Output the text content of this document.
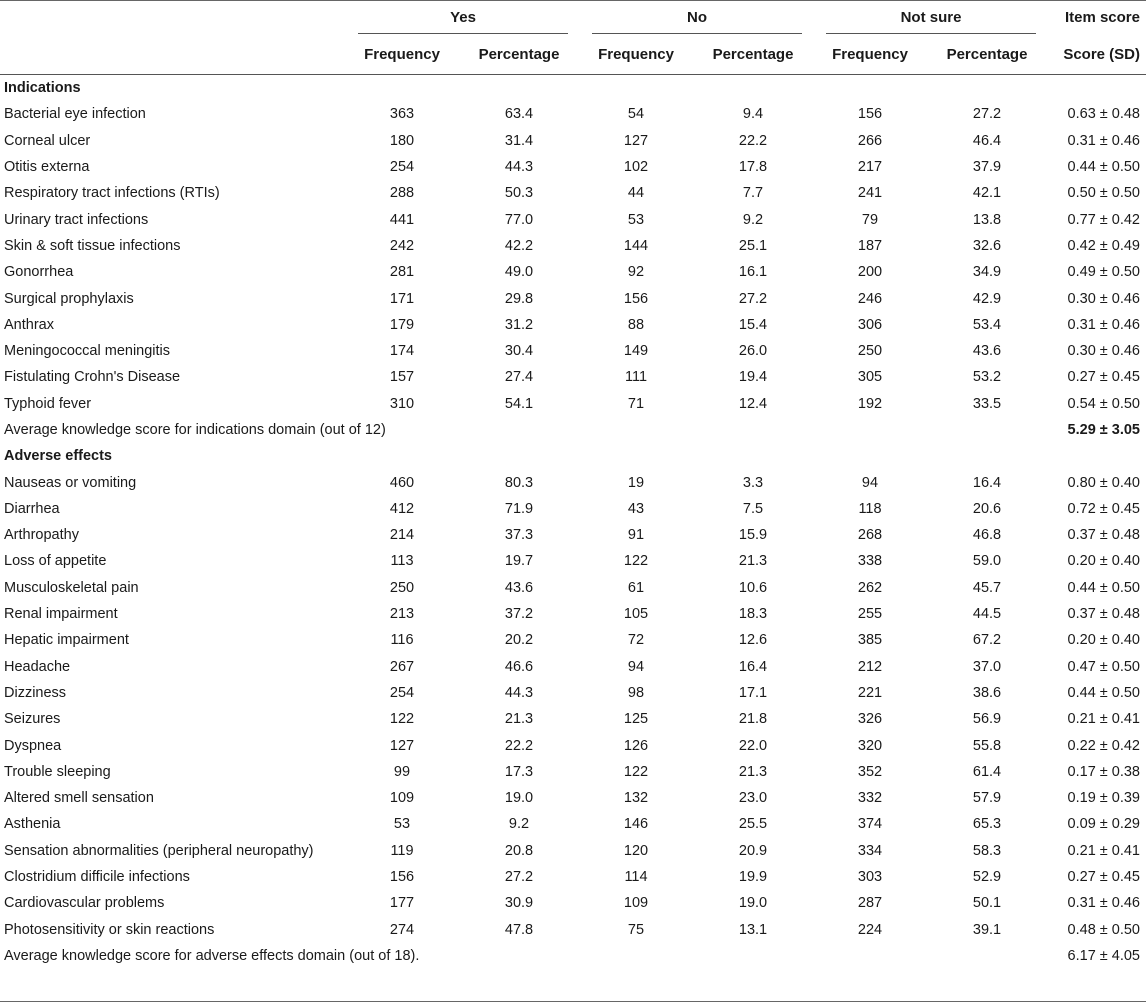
	Yes		No		Not sure		Item score
	Frequency	Percentage	Frequency	Percentage	Frequency	Percentage	Score (SD)
Indications							
Bacterial eye infection	363	63.4	54	9.4	156	27.2	0.63 ± 0.48
Corneal ulcer	180	31.4	127	22.2	266	46.4	0.31 ± 0.46
Otitis externa	254	44.3	102	17.8	217	37.9	0.44 ± 0.50
Respiratory tract infections (RTIs)	288	50.3	44	7.7	241	42.1	0.50 ± 0.50
Urinary tract infections	441	77.0	53	9.2	79	13.8	0.77 ± 0.42
Skin & soft tissue infections	242	42.2	144	25.1	187	32.6	0.42 ± 0.49
Gonorrhea	281	49.0	92	16.1	200	34.9	0.49 ± 0.50
Surgical prophylaxis	171	29.8	156	27.2	246	42.9	0.30 ± 0.46
Anthrax	179	31.2	88	15.4	306	53.4	0.31 ± 0.46
Meningococcal meningitis	174	30.4	149	26.0	250	43.6	0.30 ± 0.46
Fistulating Crohn's Disease	157	27.4	111	19.4	305	53.2	0.27 ± 0.45
Typhoid fever	310	54.1	71	12.4	192	33.5	0.54 ± 0.50
Average knowledge score for indications domain (out of 12)							5.29 ± 3.05
Adverse effects							
Nauseas or vomiting	460	80.3	19	3.3	94	16.4	0.80 ± 0.40
Diarrhea	412	71.9	43	7.5	118	20.6	0.72 ± 0.45
Arthropathy	214	37.3	91	15.9	268	46.8	0.37 ± 0.48
Loss of appetite	113	19.7	122	21.3	338	59.0	0.20 ± 0.40
Musculoskeletal pain	250	43.6	61	10.6	262	45.7	0.44 ± 0.50
Renal impairment	213	37.2	105	18.3	255	44.5	0.37 ± 0.48
Hepatic impairment	116	20.2	72	12.6	385	67.2	0.20 ± 0.40
Headache	267	46.6	94	16.4	212	37.0	0.47 ± 0.50
Dizziness	254	44.3	98	17.1	221	38.6	0.44 ± 0.50
Seizures	122	21.3	125	21.8	326	56.9	0.21 ± 0.41
Dyspnea	127	22.2	126	22.0	320	55.8	0.22 ± 0.42
Trouble sleeping	99	17.3	122	21.3	352	61.4	0.17 ± 0.38
Altered smell sensation	109	19.0	132	23.0	332	57.9	0.19 ± 0.39
Asthenia	53	9.2	146	25.5	374	65.3	0.09 ± 0.29
Sensation abnormalities (peripheral neuropathy)	119	20.8	120	20.9	334	58.3	0.21 ± 0.41
Clostridium difficile infections	156	27.2	114	19.9	303	52.9	0.27 ± 0.45
Cardiovascular problems	177	30.9	109	19.0	287	50.1	0.31 ± 0.46
Photosensitivity or skin reactions	274	47.8	75	13.1	224	39.1	0.48 ± 0.50
Average knowledge score for adverse effects domain (out of 18).							6.17 ± 4.05
